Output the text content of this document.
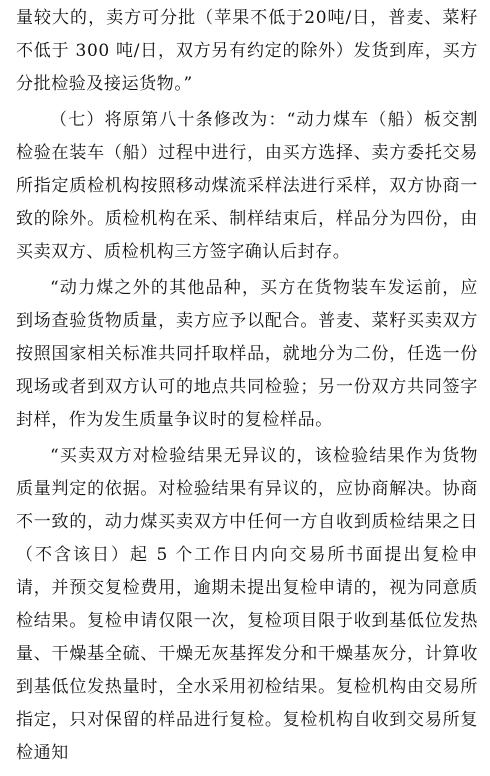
量较大的，卖方可分批（苹果不低于20吨/日，普麦、菜籽不低于 300 吨/日，双方另有约定的除外）发货到库，买方分批检验及接运货物。”

（七）将原第八十条修改为：“动力煤车（船）板交割检验在装车（船）过程中进行，由买方选择、卖方委托交易所指定质检机构按照移动煤流采样法进行采样，双方协商一致的除外。质检机构在采、制样结束后，样品分为四份，由买卖双方、质检机构三方签字确认后封存。

“动力煤之外的其他品种，买方在货物装车发运前，应到场查验货物质量，卖方应予以配合。普麦、菜籽买卖双方按照国家相关标准共同扦取样品，就地分为二份，任选一份现场或者到双方认可的地点共同检验；另一份双方共同签字封样，作为发生质量争议时的复检样品。

“买卖双方对检验结果无异议的，该检验结果作为货物质量判定的依据。对检验结果有异议的，应协商解决。协商不一致的，动力煤买卖双方中任何一方自收到质检结果之日（不含该日）起 5 个工作日内向交易所书面提出复检申请，并预交复检费用，逾期未提出复检申请的，视为同意质检结果。复检申请仅限一次，复检项目限于收到基低位发热量、干燥基全硫、干燥无灰基挥发分和干燥基灰分，计算收到基低位发热量时，全水采用初检结果。复检机构由交易所指定，只对保留的样品进行复检。复检机构自收到交易所复检通知
